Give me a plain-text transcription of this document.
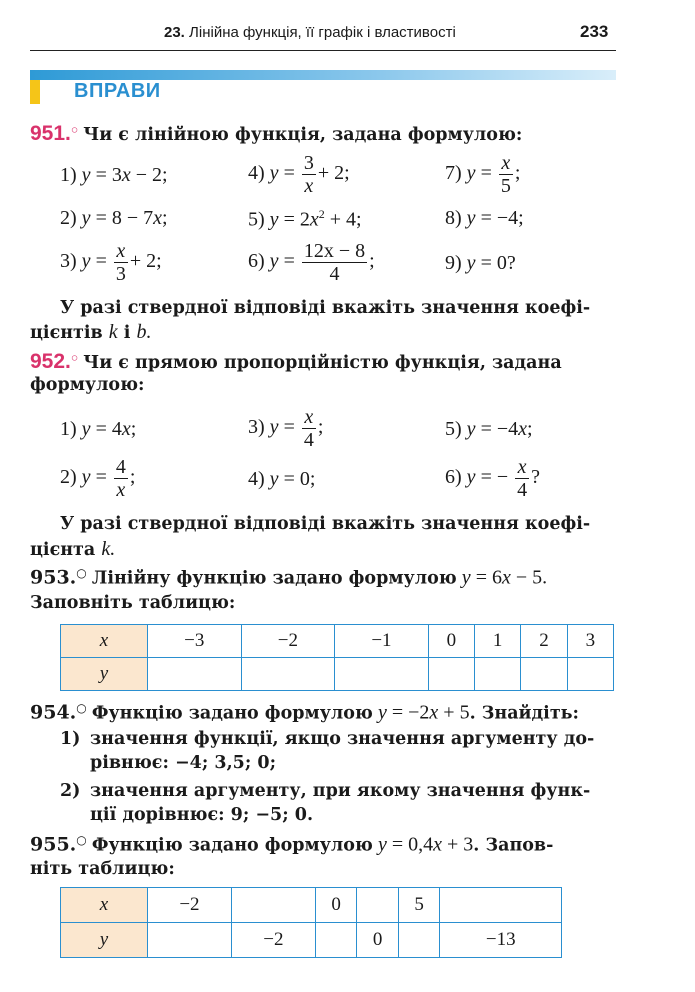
23. Лінійна функція, її графік і властивості	233
ВПРАВИ
951.○ Чи є лінійною функція, задана формулою:
1) y = 3x − 2;	4) $y = \frac{3}{x} + 2$;	7) $y = \frac{x}{5}$ ;
2) y = 8 − 7x;	5) $y = 2x^2 + 4$;	8) y = −4;
3) $y = \frac{x}{3} + 2$;	6) $y = \frac{12x - 8}{4}$ ;	9) y = 0?
У разі ствердної відповіді вкажіть значення коефі-
цієнтів k і b.
952.○ Чи є прямою пропорційністю функція, задана
формулою:
1) y = 4x;	3) $y = \frac{x}{4}$ ;	5) y = −4x;
2) $y = \frac{4}{x}$ ;	4) y = 0;	6) y = − $\frac{x}{4}$ ?
У разі ствердної відповіді вкажіть значення коефі-
цієнта k.
953.○ Лінійну функцію задано формулою y = 6x − 5.
Заповніть таблицю:
x	−3	−2	−1	0	1	2	3
y							
954.○ Функцію задано формулою y = −2x + 5. Знайдіть:
1) значення функції, якщо значення аргументу до-
рівнює: −4; 3,5; 0;
2) значення аргументу, при якому значення функ-
ції дорівнює: 9; −5; 0.
955.○ Функцію задано формулою y = 0,4x + 3. Запов-
ніть таблицю:
x	−2		0		5	
y		−2		0		−13
